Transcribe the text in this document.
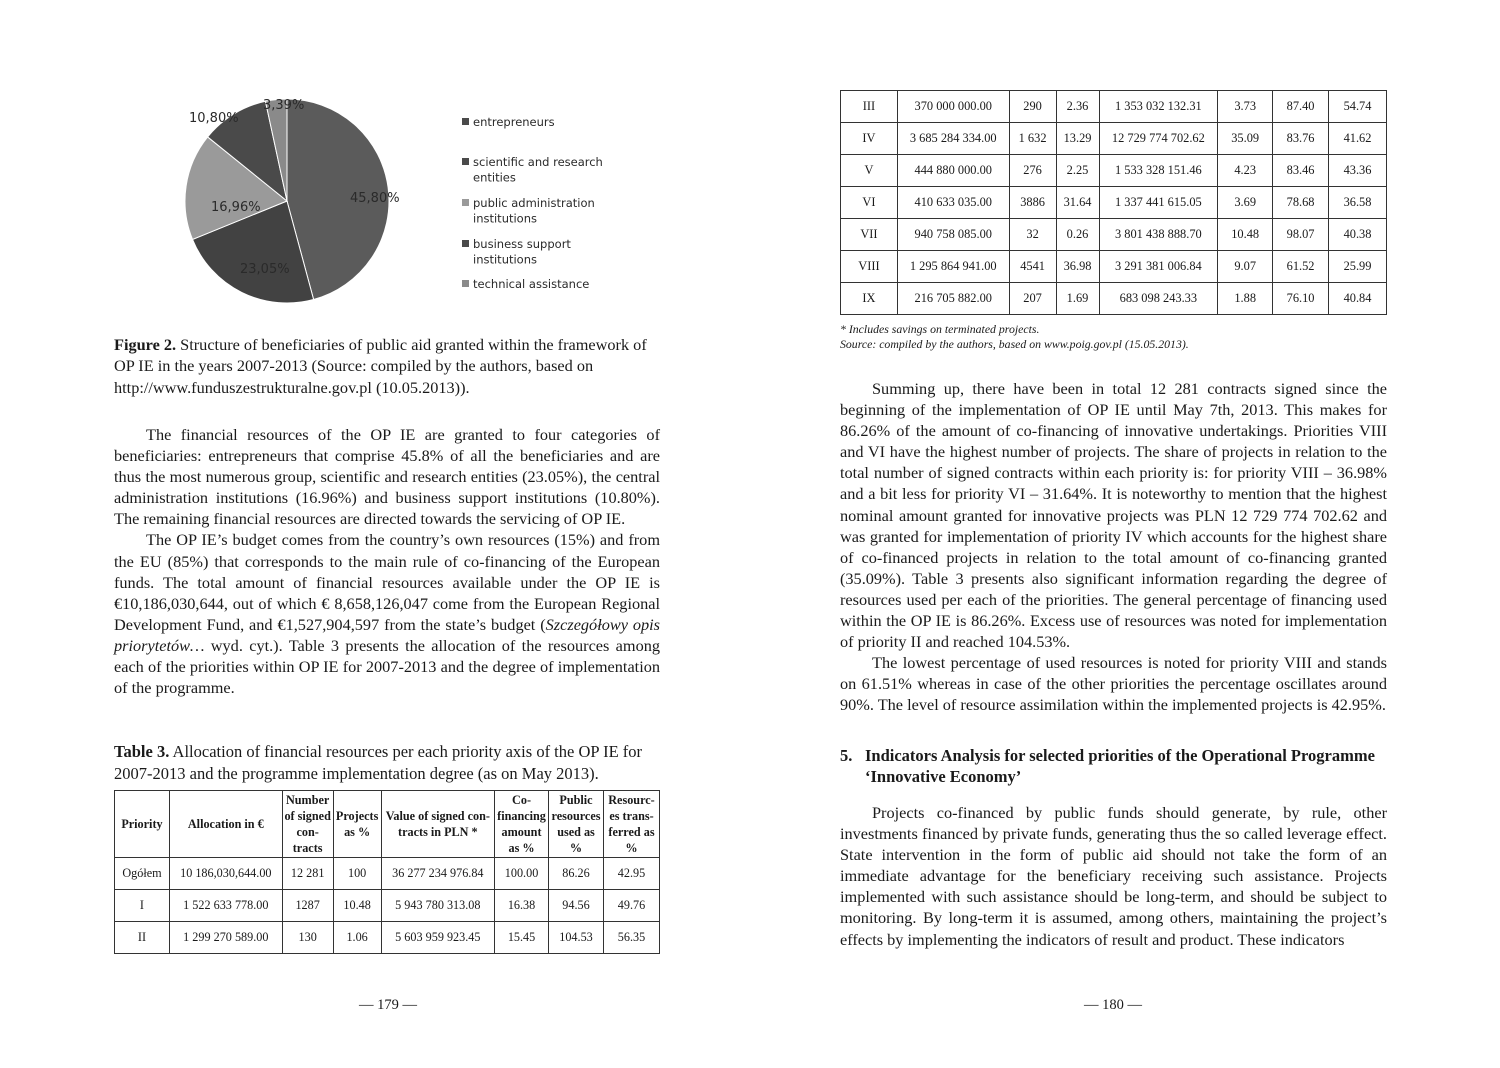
45,80%
23,05%
16,96%
10,80%
3,39%
entrepreneurs
scientific and research entities
public administration institutions
business support institutions
technical assistance
Figure 2. Structure of beneficiaries of public aid granted within the framework of OP IE in the years 2007-2013 (Source: compiled by the authors, based on http://www.funduszestrukturalne.gov.pl (10.05.2013)).

The financial resources of the OP IE are granted to four categories of beneficiaries: entrepreneurs that comprise 45.8% of all the beneficiaries and are thus the most numerous group, scientific and research entities (23.05%), the central administration institutions (16.96%) and business support institutions (10.80%). The remaining financial resources are directed towards the servicing of OP IE.

The OP IE’s budget comes from the country’s own resources (15%) and from the EU (85%) that corresponds to the main rule of co-financing of the European funds. The total amount of financial resources available under the OP IE is €10,186,030,644, out of which € 8,658,126,047 come from the European Regional Development Fund, and €1,527,904,597 from the state’s budget (Szczegółowy opis priorytetów… wyd. cyt.). Table 3 presents the allocation of the resources among each of the priorities within OP IE for 2007-2013 and the degree of implementation of the programme.

Table 3. Allocation of financial resources per each priority axis of the OP IE for 2007-2013 and the programme implementation degree (as on May 2013).
Priority	Allocation in €	Number of signed con-tracts	Projects as %	Value of signed con-tracts in PLN *	Co-financing amount as %	Public resources used as %	Resourc-es trans-ferred as %
Ogółem	10 186,030,644.00	12 281	100	36 277 234 976.84	100.00	86.26	42.95
I	1 522 633 778.00	1287	10.48	5 943 780 313.08	16.38	94.56	49.76
II	1 299 270 589.00	130	1.06	5 603 959 923.45	15.45	104.53	56.35
— 179 —
III	370 000 000.00	290	2.36	1 353 032 132.31	3.73	87.40	54.74
IV	3 685 284 334.00	1 632	13.29	12 729 774 702.62	35.09	83.76	41.62
V	444 880 000.00	276	2.25	1 533 328 151.46	4.23	83.46	43.36
VI	410 633 035.00	3886	31.64	1 337 441 615.05	3.69	78.68	36.58
VII	940 758 085.00	32	0.26	3 801 438 888.70	10.48	98.07	40.38
VIII	1 295 864 941.00	4541	36.98	3 291 381 006.84	9.07	61.52	25.99
IX	216 705 882.00	207	1.69	683 098 243.33	1.88	76.10	40.84
* Includes savings on terminated projects.
Source: compiled by the authors, based on www.poig.gov.pl (15.05.2013).

Summing up, there have been in total 12 281 contracts signed since the beginning of the implementation of OP IE until May 7th, 2013. This makes for 86.26% of the amount of co-financing of innovative undertakings. Priorities VIII and VI have the highest number of projects. The share of projects in relation to the total number of signed contracts within each priority is: for priority VIII – 36.98% and a bit less for priority VI – 31.64%. It is noteworthy to mention that the highest nominal amount granted for innovative projects was PLN 12 729 774 702.62 and was granted for implementation of priority IV which accounts for the highest share of co-financed projects in relation to the total amount of co-financing granted (35.09%). Table 3 presents also significant information regarding the degree of resources used per each of the priorities. The general percentage of financing used within the OP IE is 86.26%. Excess use of resources was noted for implementation of priority II and reached 104.53%.

The lowest percentage of used resources is noted for priority VIII and stands on 61.51% whereas in case of the other priorities the percentage oscillates around 90%. The level of resource assimilation within the implemented projects is 42.95%.

5. Indicators Analysis for selected priorities of the Operational Programme ‘Innovative Economy’

Projects co-financed by public funds should generate, by rule, other investments financed by private funds, generating thus the so called leverage effect. State intervention in the form of public aid should not take the form of an immediate advantage for the beneficiary receiving such assistance. Projects implemented with such assistance should be long-term, and should be subject to monitoring. By long-term it is assumed, among others, maintaining the project’s effects by implementing the indicators of result and product. These indicators

— 180 —
